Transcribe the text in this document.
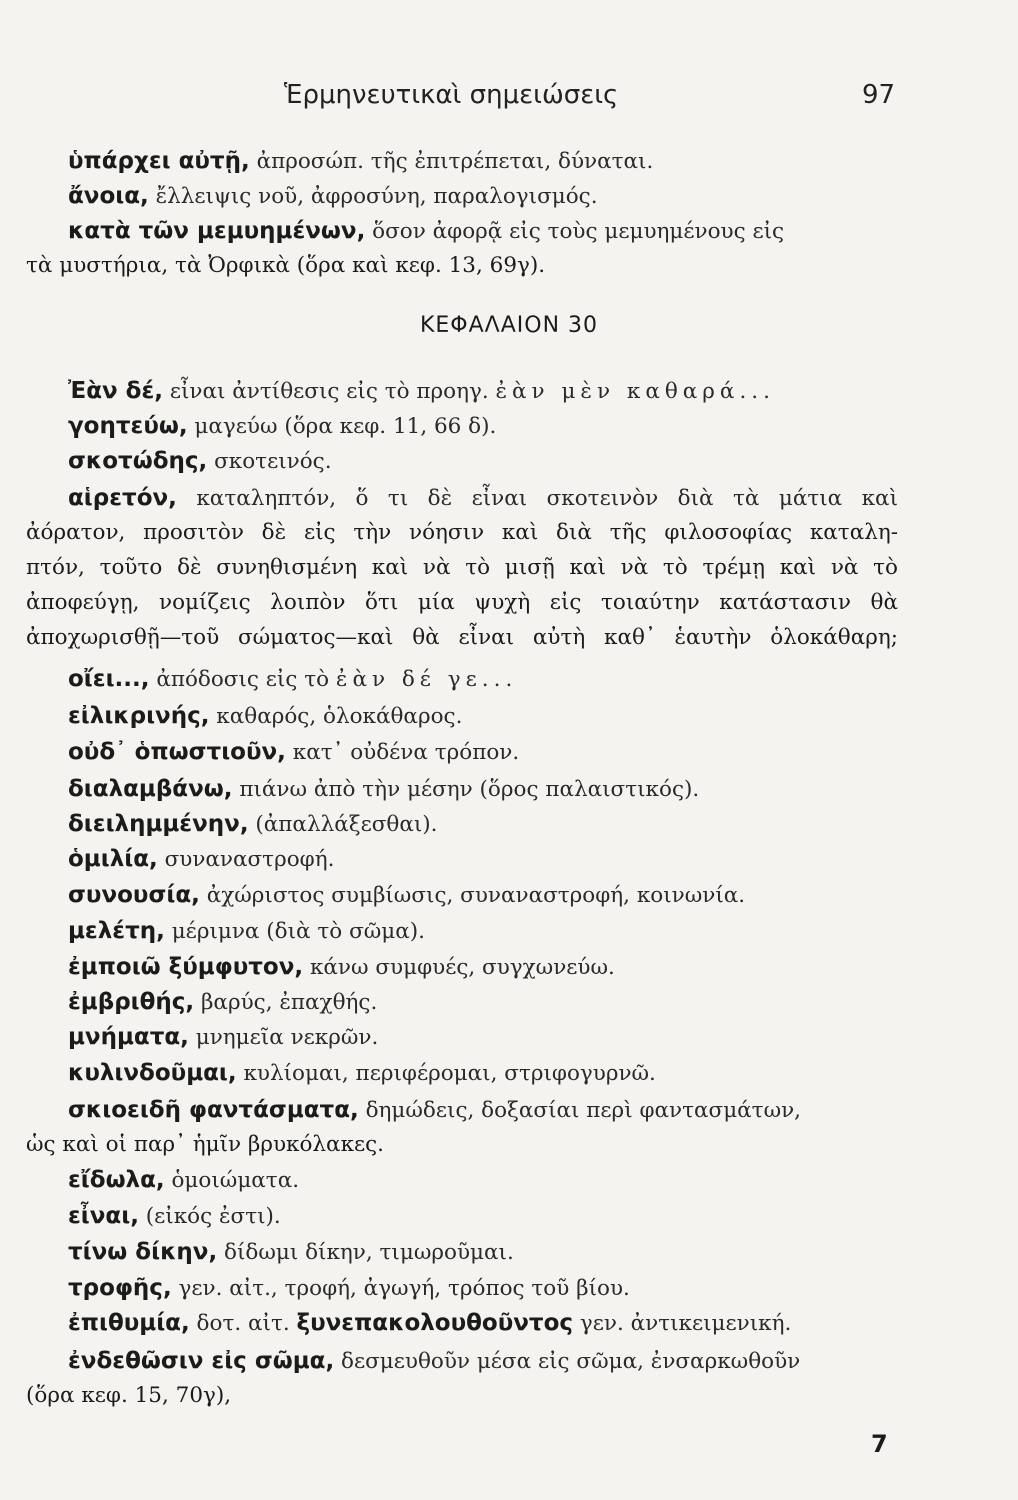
Ἑρμηνευτικαὶ σημειώσεις	97
ὑπάρχει αὐτῇ, ἀπροσώπ. τῆς ἐπιτρέπεται, δύναται.
ἄνοια, ἔλλειψις νοῦ, ἀφροσύνη, παραλογισμός.
κατὰ τῶν μεμυημένων, ὅσον ἀφορᾷ εἰς τοὺς μεμυημένους εἰς
τὰ μυστήρια, τὰ Ὀρφικὰ (ὅρα καὶ κεφ. 13, 69γ).
ΚΕΦΑΛΑΙΟΝ 30
Ἐὰν δέ, εἶναι ἀντίθεσις εἰς τὸ προηγ. ἐὰν μὲν καθαρά...
γοητεύω, μαγεύω (ὅρα κεφ. 11, 66 δ).
σκοτώδης, σκοτεινός.
αἱρετόν, καταληπτόν, ὅ τι δὲ εἶναι σκοτεινὸν διὰ τὰ μάτια καὶ
ἀόρατον, προσιτὸν δὲ εἰς τὴν νόησιν καὶ διὰ τῆς φιλοσοφίας καταλη-
πτόν, τοῦτο δὲ συνηθισμένη καὶ νὰ τὸ μισῇ καὶ νὰ τὸ τρέμῃ καὶ νὰ τὸ
ἀποφεύγῃ, νομίζεις λοιπὸν ὅτι μία ψυχὴ εἰς τοιαύτην κατάστασιν θὰ
ἀποχωρισθῇ—τοῦ σώματος—καὶ θὰ εἶναι αὐτὴ καθ᾿ ἑαυτὴν ὁλοκάθαρη;
οἴει..., ἀπόδοσις εἰς τὸ ἐὰν δέ γε...
εἰλικρινής, καθαρός, ὁλοκάθαρος.
οὐδ᾿ ὁπωστιοῦν, κατ᾿ οὐδένα τρόπον.
διαλαμβάνω, πιάνω ἀπὸ τὴν μέσην (ὅρος παλαιστικός).
διειλημμένην, (ἀπαλλάξεσθαι).
ὁμιλία, συναναστροφή.
συνουσία, ἀχώριστος συμβίωσις, συναναστροφή, κοινωνία.
μελέτη, μέριμνα (διὰ τὸ σῶμα).
ἐμποιῶ ξύμφυτον, κάνω συμφυές, συγχωνεύω.
ἐμβριθής, βαρύς, ἐπαχθής.
μνήματα, μνημεῖα νεκρῶν.
κυλινδοῦμαι, κυλίομαι, περιφέρομαι, στριφογυρνῶ.
σκιοειδῆ φαντάσματα, δημώδεις, δοξασίαι περὶ φαντασμάτων,
ὡς καὶ οἱ παρ᾿ ἡμῖν βρυκόλακες.
εἴδωλα, ὁμοιώματα.
εἶναι, (εἰκός ἐστι).
τίνω δίκην, δίδωμι δίκην, τιμωροῦμαι.
τροφῆς, γεν. αἰτ., τροφή, ἀγωγή, τρόπος τοῦ βίου.
ἐπιθυμία, δοτ. αἰτ. ξυνεπακολουθοῦντος γεν. ἀντικειμενική.
ἐνδεθῶσιν εἰς σῶμα, δεσμευθοῦν μέσα εἰς σῶμα, ἐνσαρκωθοῦν
(ὅρα κεφ. 15, 70γ),
7
